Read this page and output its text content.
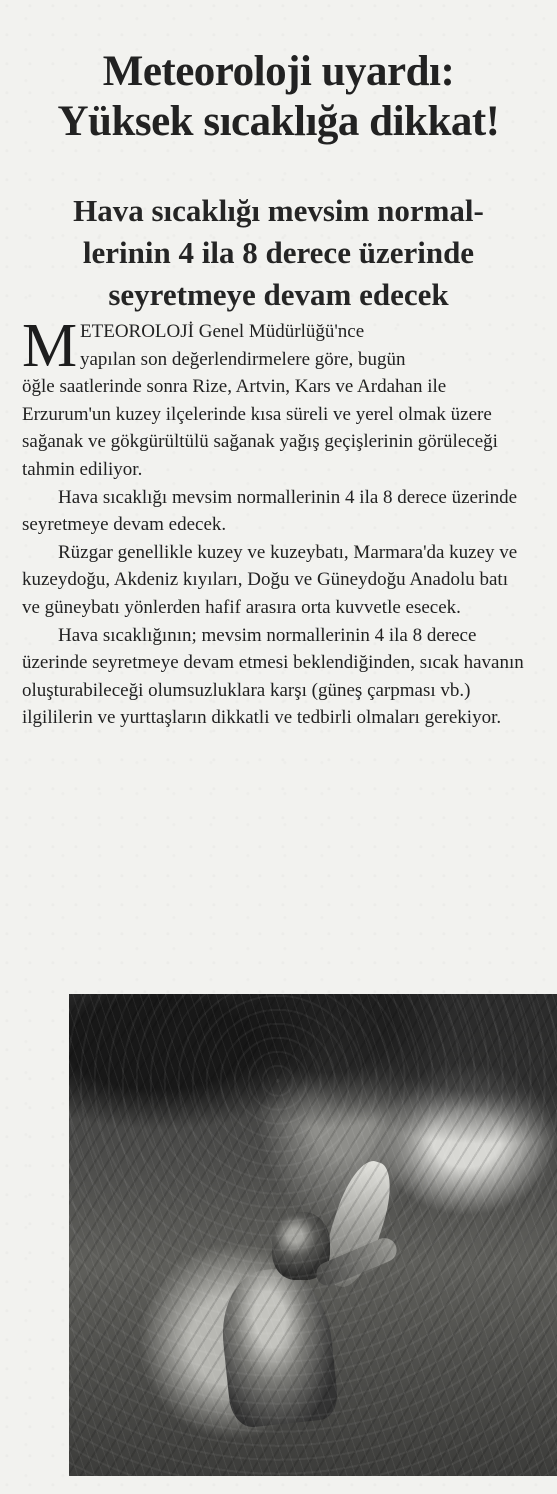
Meteoroloji uyardı:
Yüksek sıcaklığa dikkat!
Hava sıcaklığı mevsim normal-
lerinin 4 ila 8 derece üzerinde
seyretmeye devam edecek
M ETEOROLOJİ Genel Müdürlüğü'nce
yapılan son değerlendirmelere göre, bugün

öğle saatlerinde sonra Rize, Artvin, Kars ve Ardahan ile Erzurum'un kuzey ilçelerinde kısa süreli ve yerel olmak üzere sağanak ve gökgürültülü sağanak yağış geçişlerinin görüleceği tahmin ediliyor.

Hava sıcaklığı mevsim normallerinin 4 ila 8 derece üzerinde seyretmeye devam edecek.

Rüzgar genellikle kuzey ve kuzeybatı, Marmara'da kuzey ve kuzeydoğu, Akdeniz kıyıları, Doğu ve Güneydoğu Anadolu batı ve güneybatı yönlerden hafif arasıra orta kuvvetle esecek.

Hava sıcaklığının; mevsim normallerinin 4 ila 8 derece üzerinde seyretmeye devam etmesi beklendiğinden, sıcak havanın oluşturabileceği olumsuzluklara karşı (güneş çarpması vb.) ilgililerin ve yurttaşların dikkatli ve tedbirli olmaları gerekiyor.
